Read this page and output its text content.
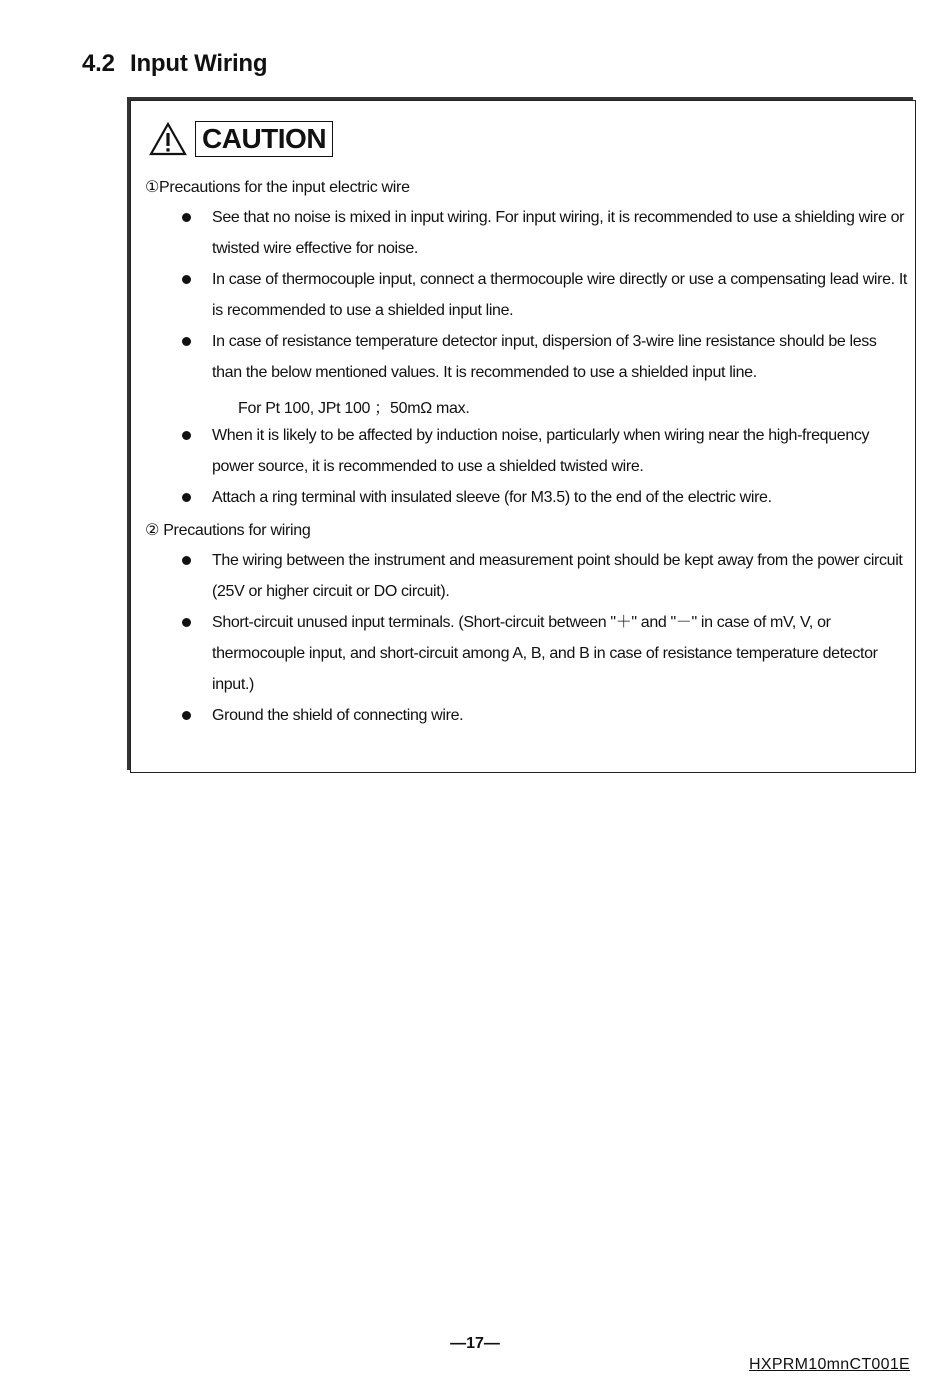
4.2 Input Wiring
CAUTION
①Precautions for the input electric wire
See that no noise is mixed in input wiring. For input wiring, it is recommended to use a shielding wire or twisted wire effective for noise.
In case of thermocouple input, connect a thermocouple wire directly or use a compensating lead wire. It is recommended to use a shielded input line.
In case of resistance temperature detector input, dispersion of 3-wire line resistance should be less than the below mentioned values. It is recommended to use a shielded input line.
For Pt 100, JPt 100 ；50mΩ max.
When it is likely to be affected by induction noise, particularly when wiring near the high-frequency power source, it is recommended to use a shielded twisted wire.
Attach a ring terminal with insulated sleeve (for M3.5) to the end of the electric wire.
② Precautions for wiring
The wiring between the instrument and measurement point should be kept away from the power circuit (25V or higher circuit or DO circuit).
Short-circuit unused input terminals. (Short-circuit between "＋" and "－" in case of mV, V, or thermocouple input, and short-circuit among A, B, and B in case of resistance temperature detector input.)
Ground the shield of connecting wire.
—17—
HXPRM10mnCT001E
